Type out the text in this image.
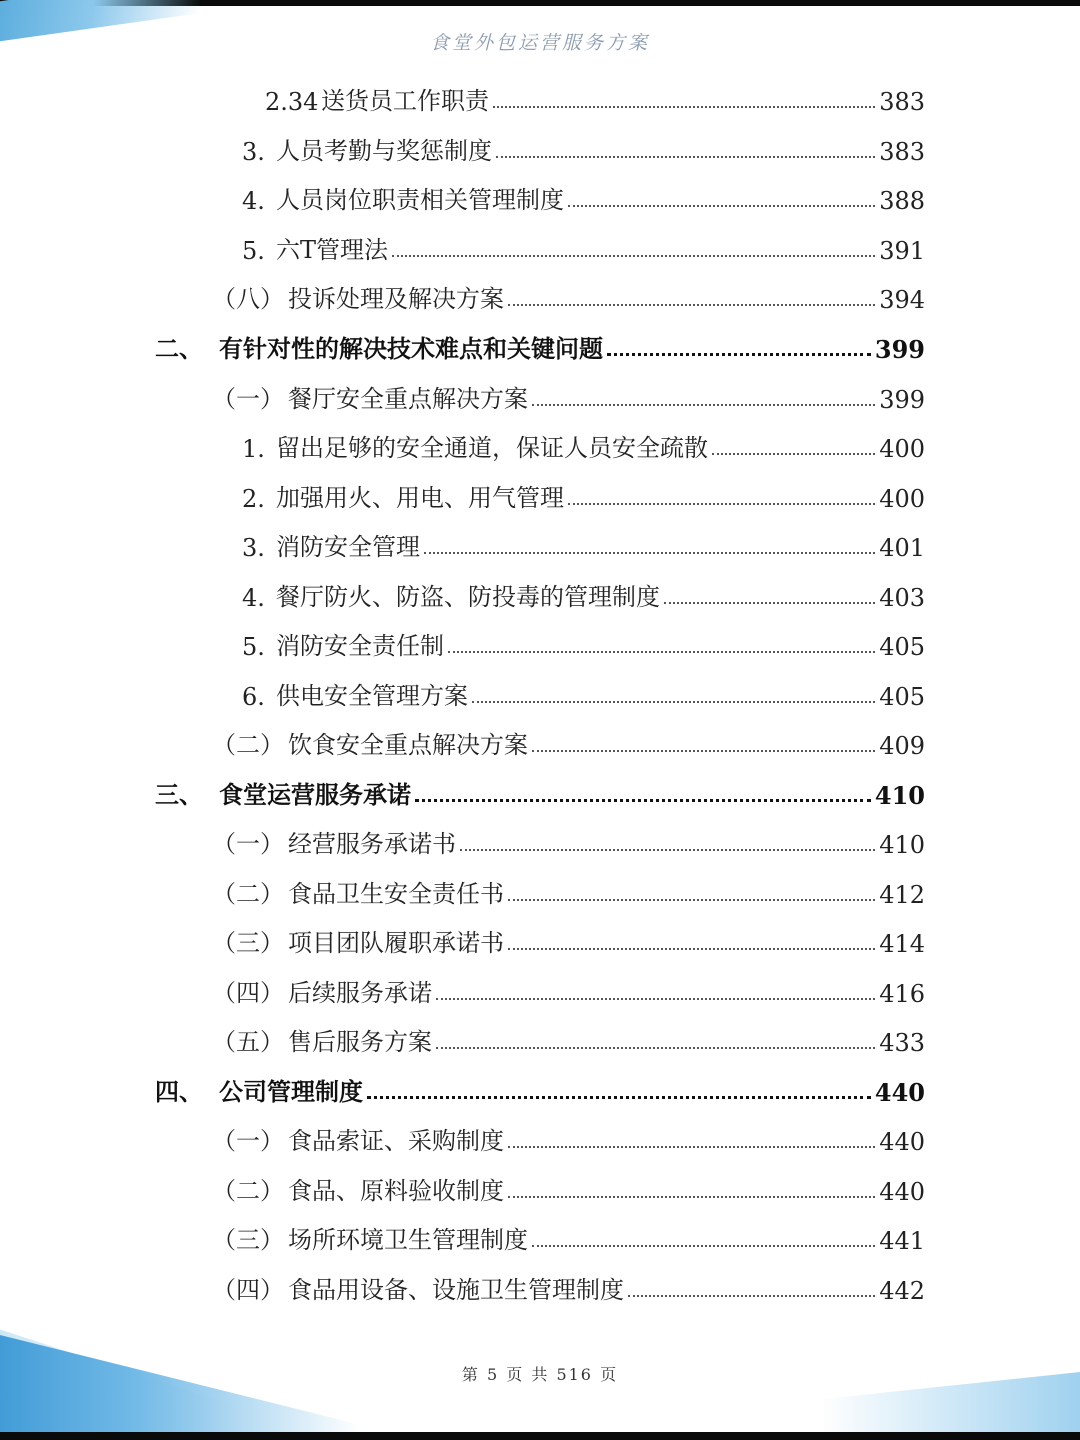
食堂外包运营服务方案
2.34 送货员工作职责	383
3. 人员考勤与奖惩制度	383
4. 人员岗位职责相关管理制度	388
5. 六T管理法	391
（八） 投诉处理及解决方案	394
二、 有针对性的解决技术难点和关键问题	399
（一） 餐厅安全重点解决方案	399
1. 留出足够的安全通道，保证人员安全疏散	400
2. 加强用火、用电、用气管理	400
3. 消防安全管理	401
4. 餐厅防火、防盗、防投毒的管理制度	403
5. 消防安全责任制	405
6. 供电安全管理方案	405
（二） 饮食安全重点解决方案	409
三、 食堂运营服务承诺	410
（一） 经营服务承诺书	410
（二） 食品卫生安全责任书	412
（三） 项目团队履职承诺书	414
（四） 后续服务承诺	416
（五） 售后服务方案	433
四、 公司管理制度	440
（一） 食品索证、采购制度	440
（二） 食品、原料验收制度	440
（三） 场所环境卫生管理制度	441
（四） 食品用设备、设施卫生管理制度	442
第 5 页 共 516 页
